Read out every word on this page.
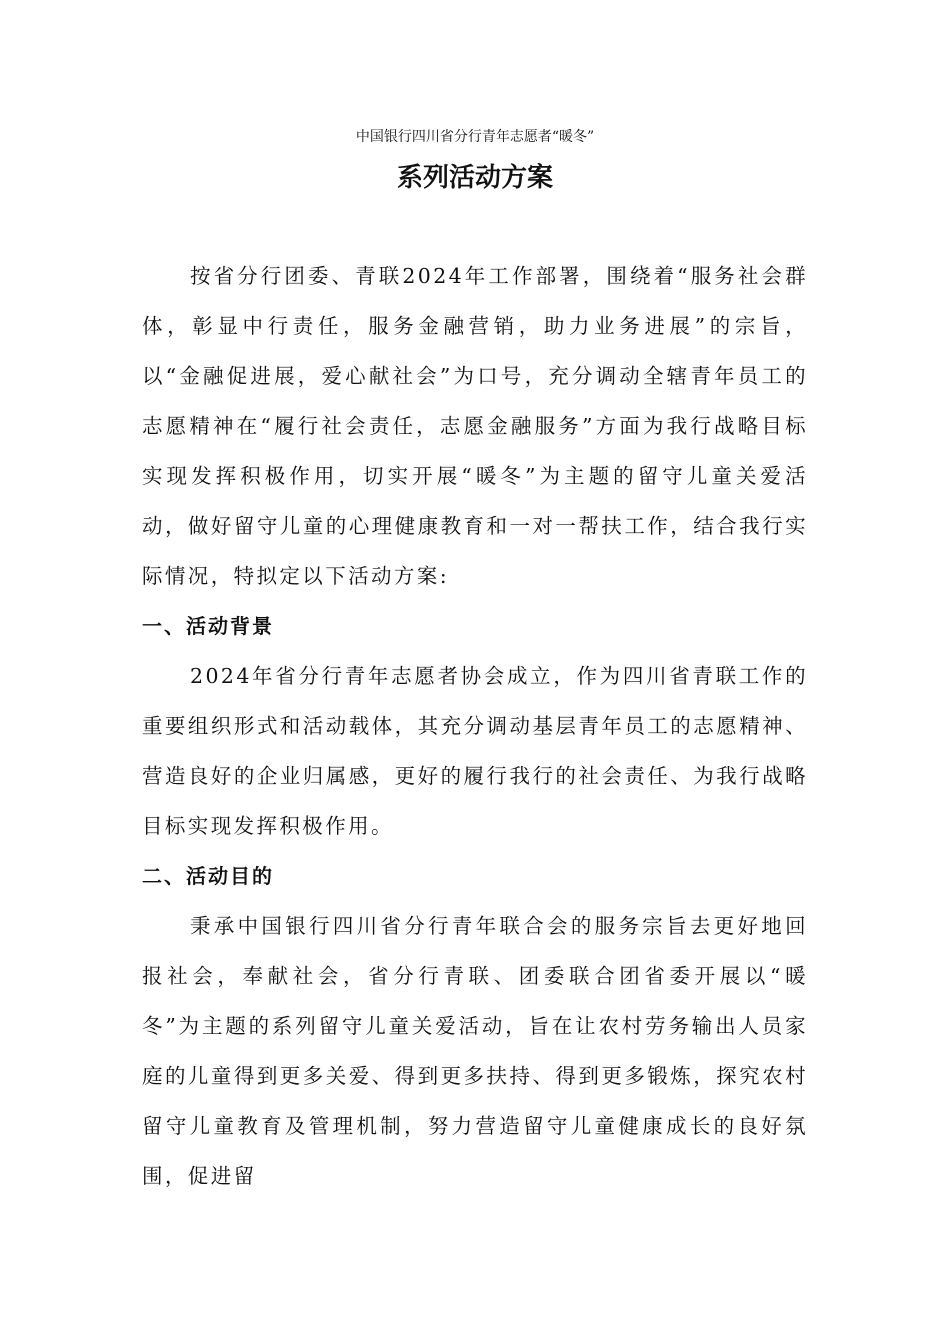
中国银行四川省分行青年志愿者“暖冬”
系列活动方案

按省分行团委、青联2024年工作部署，围绕着“服务社会群体，彰显中行责任，服务金融营销，助力业务进展”的宗旨，以“金融促进展，爱心献社会”为口号，充分调动全辖青年员工的志愿精神在“履行社会责任，志愿金融服务”方面为我行战略目标实现发挥积极作用，切实开展“暖冬”为主题的留守儿童关爱活动，做好留守儿童的心理健康教育和一对一帮扶工作，结合我行实际情况，特拟定以下活动方案:

一、活动背景

2024年省分行青年志愿者协会成立，作为四川省青联工作的重要组织形式和活动载体，其充分调动基层青年员工的志愿精神、营造良好的企业归属感，更好的履行我行的社会责任、为我行战略目标实现发挥积极作用。

二、活动目的

秉承中国银行四川省分行青年联合会的服务宗旨去更好地回报社会，奉献社会，省分行青联、团委联合团省委开展以“暖冬”为主题的系列留守儿童关爱活动，旨在让农村劳务输出人员家庭的儿童得到更多关爱、得到更多扶持、得到更多锻炼，探究农村留守儿童教育及管理机制，努力营造留守儿童健康成长的良好氛围，促进留
